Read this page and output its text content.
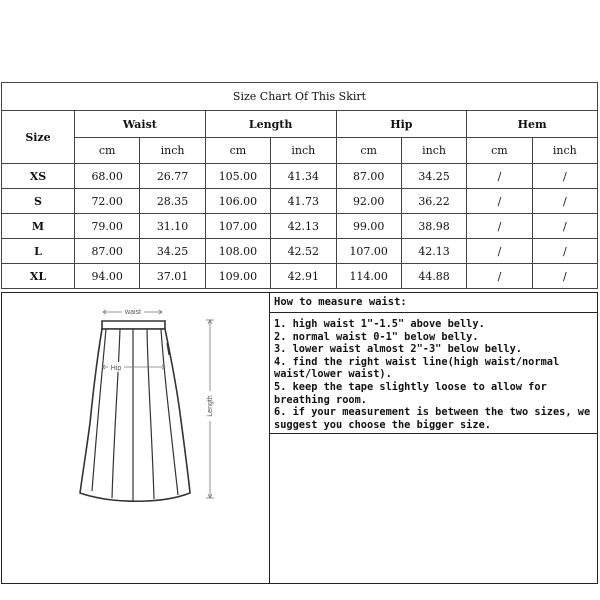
Size Chart Of This Skirt								
Size	Waist		Length		Hip		Hem	
	cm	inch	cm	inch	cm	inch	cm	inch
XS	68.00	26.77	105.00	41.34	87.00	34.25	/	/
S	72.00	28.35	106.00	41.73	92.00	36.22	/	/
M	79.00	31.10	107.00	42.13	99.00	38.98	/	/
L	87.00	34.25	108.00	42.52	107.00	42.13	/	/
XL	94.00	37.01	109.00	42.91	114.00	44.88	/	/
waist
Hip
Length
How to measure waist:
1. high waist 1"-1.5" above belly.
2. normal waist 0-1" below belly.
3. lower waist almost 2"-3" below belly.
4. find the right waist line(high waist/normal waist/lower waist).
5. keep the tape slightly loose to allow for breathing room.
6. if your measurement is between the two sizes, we suggest you choose the bigger size.
